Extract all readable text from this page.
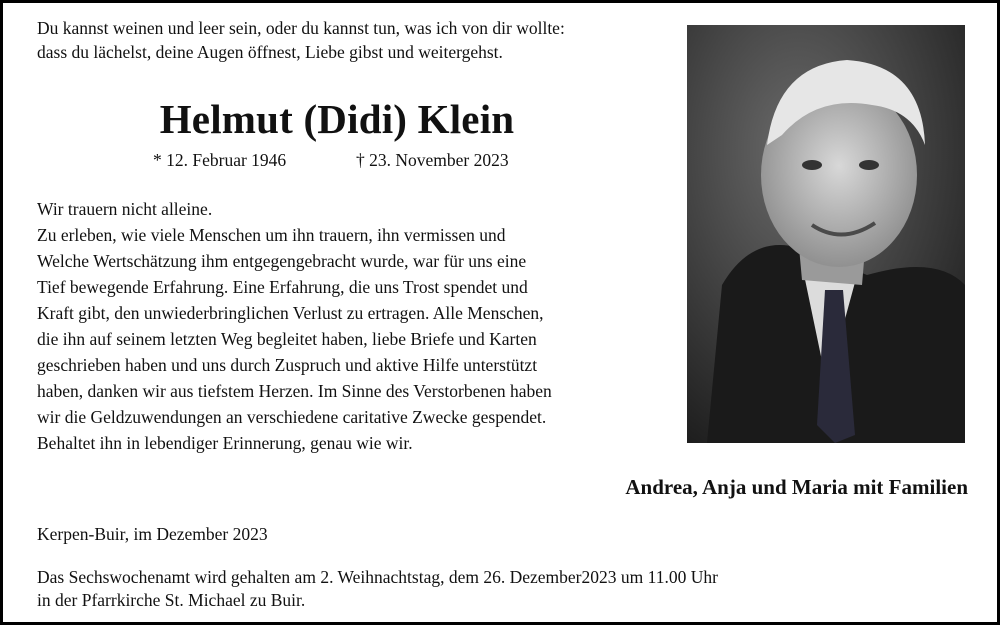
Du kannst weinen und leer sein, oder du kannst tun, was ich von dir wollte:
dass du lächelst, deine Augen öffnest, Liebe gibst und weitergehst.
Helmut (Didi) Klein
* 12. Februar 1946	† 23. November 2023

Wir trauern nicht alleine.

Zu erleben, wie viele Menschen um ihn trauern, ihn vermissen und

Welche Wertschätzung ihm entgegengebracht wurde, war für uns eine

Tief bewegende Erfahrung. Eine Erfahrung, die uns Trost spendet und

Kraft gibt, den unwiederbringlichen Verlust zu ertragen. Alle Menschen,

die ihn auf seinem letzten Weg begleitet haben, liebe Briefe und Karten

geschrieben haben und uns durch Zuspruch und aktive Hilfe unterstützt

haben, danken wir aus tiefstem Herzen. Im Sinne des Verstorbenen haben

wir die Geldzuwendungen an verschiedene caritative Zwecke gespendet.

Behaltet ihn in lebendiger Erinnerung, genau wie wir.

Andrea, Anja und Maria mit Familien
Kerpen-Buir, im Dezember 2023
Das Sechswochenamt wird gehalten am 2. Weihnachtstag, dem 26. Dezember2023 um 11.00 Uhr
in der Pfarrkirche St. Michael zu Buir.
